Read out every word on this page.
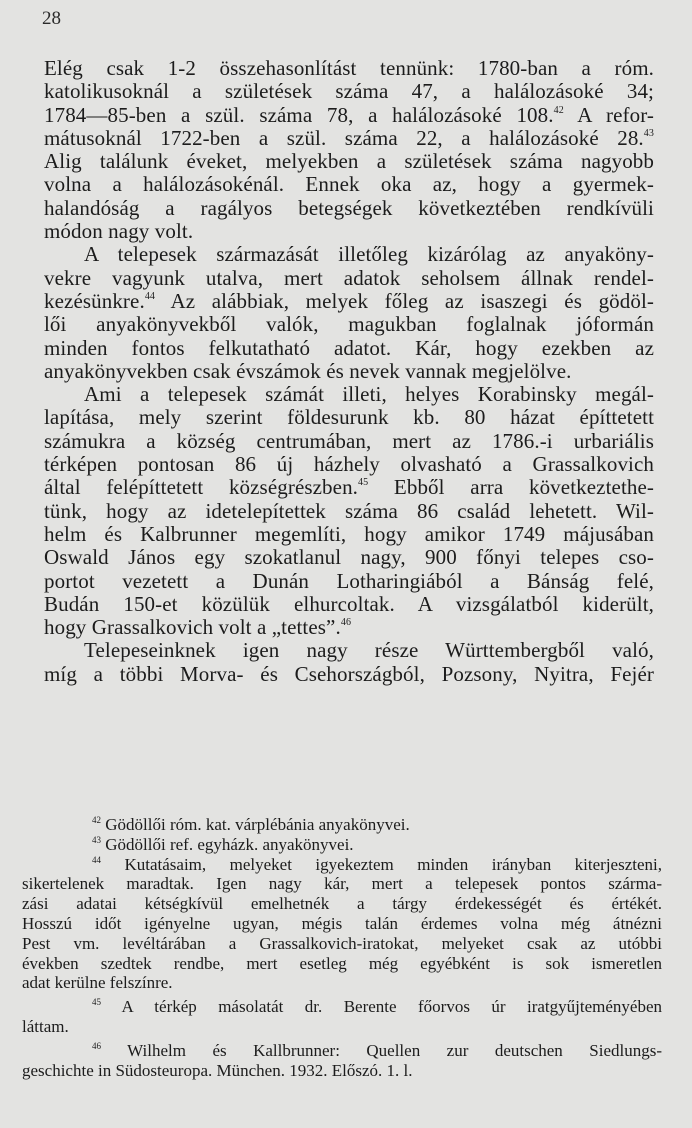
28
Elég csak 1-2 összehasonlítást tennünk: 1780-ban a róm.
katolikusoknál a születések száma 47, a halálozásoké 34;
1784—85-ben a szül. száma 78, a halálozásoké 108.42 A refor-
mátusoknál 1722-ben a szül. száma 22, a halálozásoké 28.43
Alig találunk éveket, melyekben a születések száma nagyobb
volna a halálozásokénál. Ennek oka az, hogy a gyermek-
halandóság a ragályos betegségek következtében rendkívüli
módon nagy volt.
A telepesek származását illetőleg kizárólag az anyaköny-
vekre vagyunk utalva, mert adatok seholsem állnak rendel-
kezésünkre.$^{44}$ Az alábbiak, melyek főleg az isaszegi és gödöl-
lői anyakönyvekből valók, magukban foglalnak jóformán
minden fontos felkutatható adatot. Kár, hogy ezekben az
anyakönyvekben csak évszámok és nevek vannak megjelölve.
Ami a telepesek számát illeti, helyes Korabinsky megál-
lapítása, mely szerint földesurunk kb. 80 házat építtetett
számukra a község centrumában, mert az 1786.-i urbariális
térképen pontosan 86 új házhely olvasható a Grassalkovich
által felépíttetett községrészben.$^{45}$ Ebből arra következtethe-
tünk, hogy az idetelepítettek száma 86 család lehetett. Wil-
helm és Kalbrunner megemlíti, hogy amikor 1749 májusában
Oswald János egy szokatlanul nagy, 900 főnyi telepes cso-
portot vezetett a Dunán Lotharingiából a Bánság felé,
Budán 150-et közülük elhurcoltak. A vizsgálatból kiderült,
hogy Grassalkovich volt a „tettes”.$^{46}$
Telepeseinknek igen nagy része Württembergből való,
míg a többi Morva- és Csehországból, Pozsony, Nyitra, Fejér
$^{42}$ Gödöllői róm. kat. várplébánia anyakönyvei.
$^{43}$ Gödöllői ref. egyházk. anyakönyvei.
$^{44}$ Kutatásaim, melyeket igyekeztem minden irányban kiterjeszteni,
sikertelenek maradtak. Igen nagy kár, mert a telepesek pontos szárma-
zási adatai kétségkívül emelhetnék a tárgy érdekességét és értékét.
Hosszú időt igényelne ugyan, mégis talán érdemes volna még átnézni
Pest vm. levéltárában a Grassalkovich-iratokat, melyeket csak az utóbbi
években szedtek rendbe, mert esetleg még egyébként is sok ismeretlen
adat kerülne felszínre.
$^{45}$ A térkép másolatát dr. Berente főorvos úr iratgyűjteményében
láttam.
$^{46}$ Wilhelm és Kallbrunner: Quellen zur deutschen Siedlungs-
geschichte in Südosteuropa. München. 1932. Előszó. 1. l.
